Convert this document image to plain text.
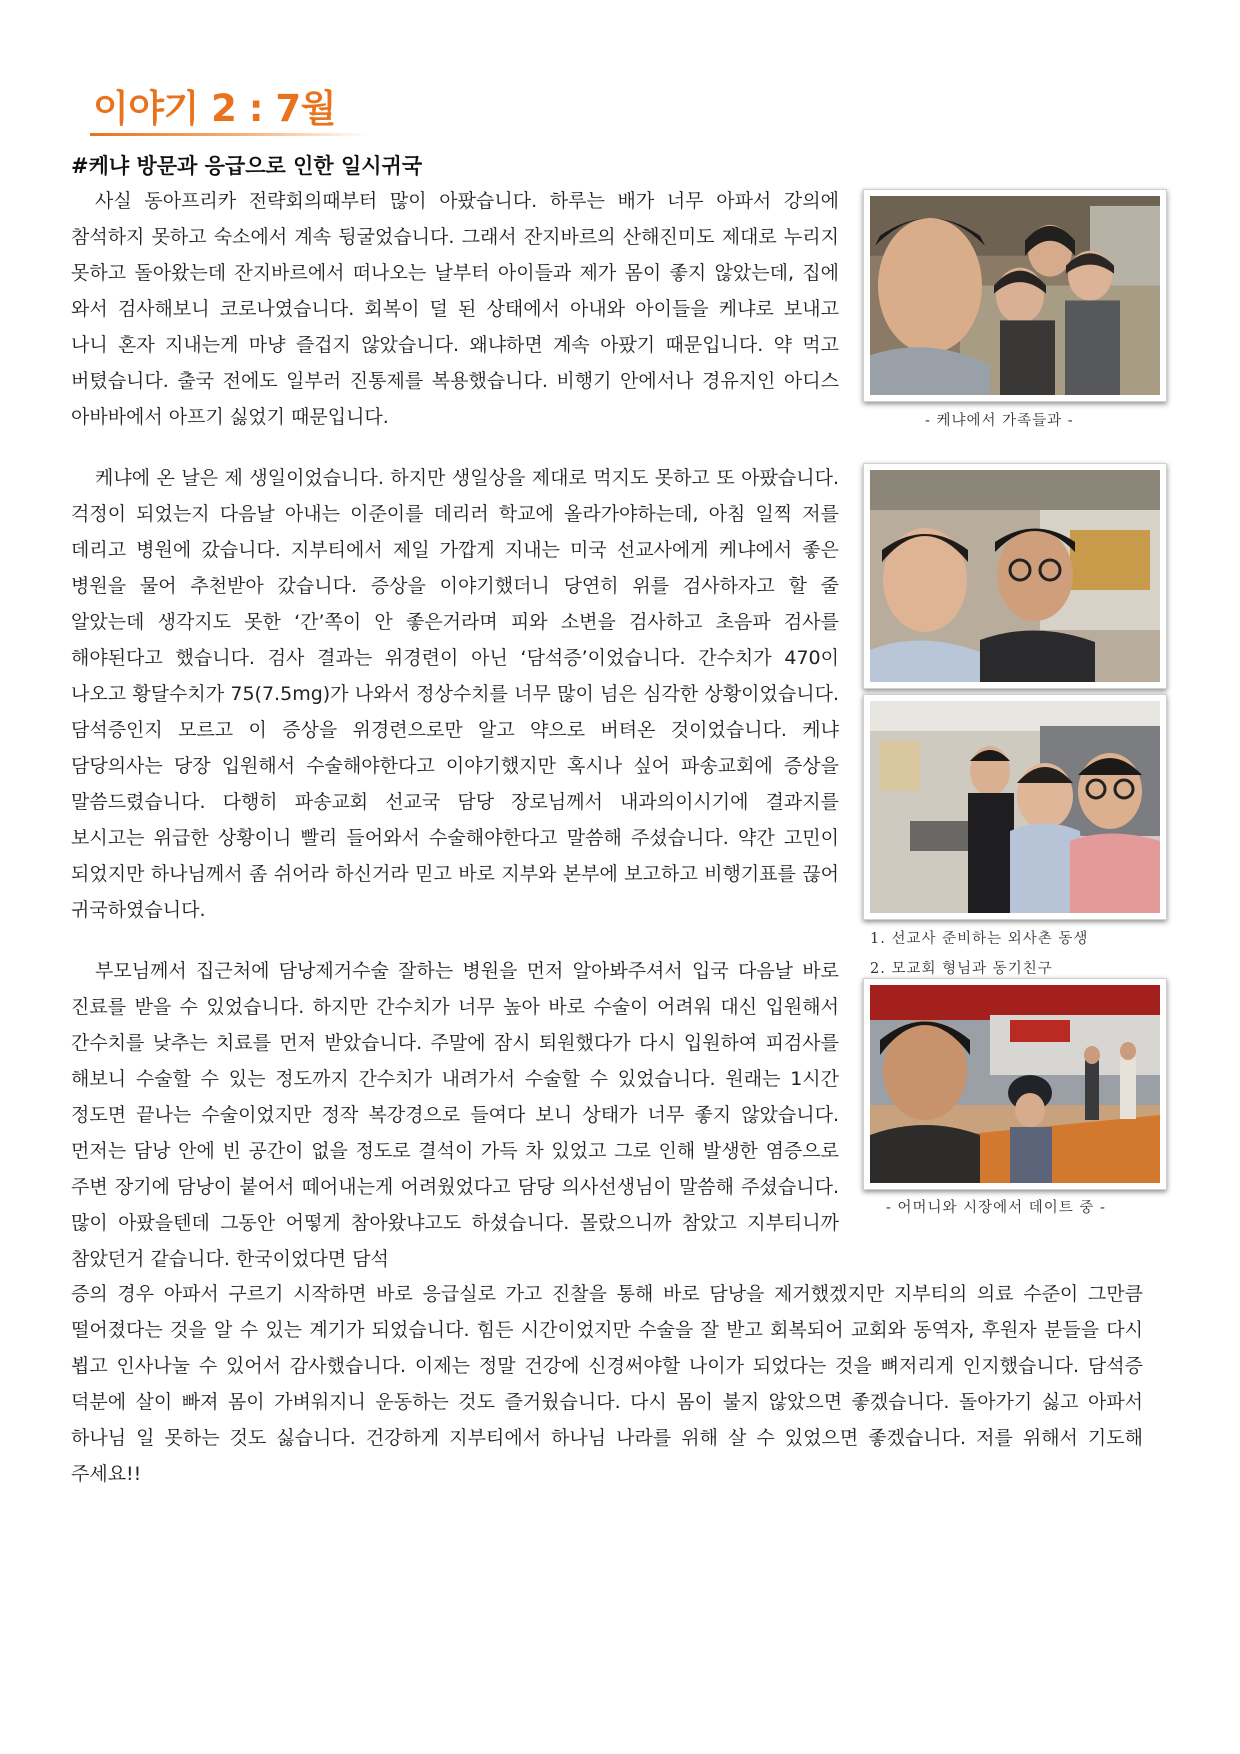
이야기 2 : 7월
#케냐 방문과 응급으로 인한 일시귀국

사실 동아프리카 전략회의때부터 많이 아팠습니다. 하루는 배가 너무 아파서 강의에 참석하지 못하고 숙소에서 계속 뒹굴었습니다. 그래서 잔지바르의 산해진미도 제대로 누리지 못하고 돌아왔는데 잔지바르에서 떠나오는 날부터 아이들과 제가 몸이 좋지 않았는데, 집에 와서 검사해보니 코로나였습니다. 회복이 덜 된 상태에서 아내와 아이들을 케냐로 보내고 나니 혼자 지내는게 마냥 즐겁지 않았습니다. 왜냐하면 계속 아팠기 때문입니다. 약 먹고 버텼습니다. 출국 전에도 일부러 진통제를 복용했습니다. 비행기 안에서나 경유지인 아디스 아바바에서 아프기 싫었기 때문입니다.

케냐에 온 날은 제 생일이었습니다. 하지만 생일상을 제대로 먹지도 못하고 또 아팠습니다. 걱정이 되었는지 다음날 아내는 이준이를 데리러 학교에 올라가야하는데, 아침 일찍 저를 데리고 병원에 갔습니다. 지부티에서 제일 가깝게 지내는 미국 선교사에게 케냐에서 좋은 병원을 물어 추천받아 갔습니다. 증상을 이야기했더니 당연히 위를 검사하자고 할 줄 알았는데 생각지도 못한 ‘간’쪽이 안 좋은거라며 피와 소변을 검사하고 초음파 검사를 해야된다고 했습니다. 검사 결과는 위경련이 아닌 ‘담석증’이었습니다. 간수치가 470이 나오고 황달수치가 75(7.5mg)가 나와서 정상수치를 너무 많이 넘은 심각한 상황이었습니다. 담석증인지 모르고 이 증상을 위경련으로만 알고 약으로 버텨온 것이었습니다. 케냐 담당의사는 당장 입원해서 수술해야한다고 이야기했지만 혹시나 싶어 파송교회에 증상을 말씀드렸습니다. 다행히 파송교회 선교국 담당 장로님께서 내과의이시기에 결과지를 보시고는 위급한 상황이니 빨리 들어와서 수술해야한다고 말씀해 주셨습니다. 약간 고민이 되었지만 하나님께서 좀 쉬어라 하신거라 믿고 바로 지부와 본부에 보고하고 비행기표를 끊어 귀국하였습니다.

부모님께서 집근처에 담낭제거수술 잘하는 병원을 먼저 알아봐주셔서 입국 다음날 바로 진료를 받을 수 있었습니다. 하지만 간수치가 너무 높아 바로 수술이 어려워 대신 입원해서 간수치를 낮추는 치료를 먼저 받았습니다. 주말에 잠시 퇴원했다가 다시 입원하여 피검사를 해보니 수술할 수 있는 정도까지 간수치가 내려가서 수술할 수 있었습니다. 원래는 1시간 정도면 끝나는 수술이었지만 정작 복강경으로 들여다 보니 상태가 너무 좋지 않았습니다. 먼저는 담낭 안에 빈 공간이 없을 정도로 결석이 가득 차 있었고 그로 인해 발생한 염증으로 주변 장기에 담낭이 붙어서 떼어내는게 어려웠었다고 담당 의사선생님이 말씀해 주셨습니다. 많이 아팠을텐데 그동안 어떻게 참아왔냐고도 하셨습니다. 몰랐으니까 참았고 지부티니까 참았던거 같습니다. 한국이었다면 담석

증의 경우 아파서 구르기 시작하면 바로 응급실로 가고 진찰을 통해 바로 담낭을 제거했겠지만 지부티의 의료 수준이 그만큼 떨어졌다는 것을 알 수 있는 계기가 되었습니다. 힘든 시간이었지만 수술을 잘 받고 회복되어 교회와 동역자, 후원자 분들을 다시 뵙고 인사나눌 수 있어서 감사했습니다. 이제는 정말 건강에 신경써야할 나이가 되었다는 것을 뼈저리게 인지했습니다. 담석증 덕분에 살이 빠져 몸이 가벼워지니 운동하는 것도 즐거웠습니다. 다시 몸이 불지 않았으면 좋겠습니다. 돌아가기 싫고 아파서 하나님 일 못하는 것도 싫습니다. 건강하게 지부티에서 하나님 나라를 위해 살 수 있었으면 좋겠습니다. 저를 위해서 기도해 주세요!!

- 케냐에서 가족들과 -
1. 선교사 준비하는 외사촌 동생
2. 모교회 형님과 동기친구
- 어머니와 시장에서 데이트 중 -
